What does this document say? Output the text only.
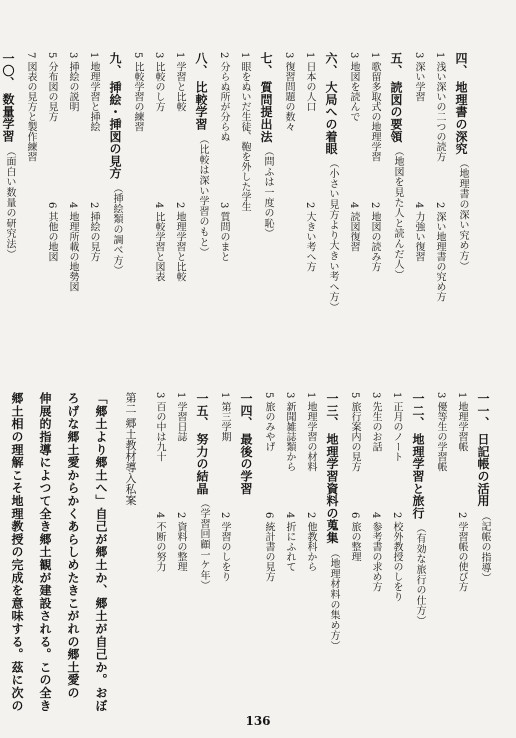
四、
地理書の深究
（地理書の深い究め方）
1 浅い深いの二つの読方
2 深い地理書の究め方
3 深い学習
4 力強い復習
五、
読図の要領
（地図を見た人と読んだ人）
1 歌留多取式の地理学習
2 地図の読み方
3 地図を読んで
4 読図復習
六、
大局への着眼
（小さい見方より大きい考へ方）
1 日本の人口
2 大きい考へ方
3 復習問題の数々
七、
質問提出法
（問ふは一度の恥）
1 眼をぬいだ生徒、鞄を外した学生
2 分らぬ所が分らぬ
3 質問のまと
八、
比較学習
（比較は深い学習のもと）
1 学習と比較
2 地理学習と比較
3 比較のし方
4 比較学習と図表
5 比較学習の練習
九、
挿絵・挿図の見方
（挿絵類の調べ方）
1 地理学習と挿絵
2 挿絵の見方
3 挿絵の説明
4 地理所載の地勢図
5 分布図の見方
6 其他の地図
7 図表の見方と製作練習
一〇、
数量学習
（面白い数量の研究法）
一一、
日記帳の活用
（記帳の指導）
1 地理学習帳
2 学習帳の使び方
3 優等生の学習帳
一二、
地理学習と旅行
（有効な旅行の仕方）
1 正月のノート
2 校外教授のしをり
3 先生のお話
4 参考書の求め方
5 旅行案内の見方
6 旅の整理
一三、
地理学習資料の蒐集
（地理材料の集め方）
1 地理学習の材料
2 他教科から
3 新聞雑誌類から
4 折にふれて
5 旅のみやげ
6 統計書の見方
一四、
最後の学習
1 第三学期
2 学習のしをり
一五、
努力の結晶
（学習回顧一ケ年）
1 学習日誌
2 資料の整理
3 百の中は九十
4 不断の努力
第二 郷土教材導入私案
「郷土より郷土へ」自己が郷土か、郷土が自己か。おぼ
ろげな郷土愛からかくあらしめたきこがれの郷土愛の
伸展的指導によつて全き郷土観が建設される。この全き
郷土相の理解こそ地理教授の完成を意味する。茲に次の
136
